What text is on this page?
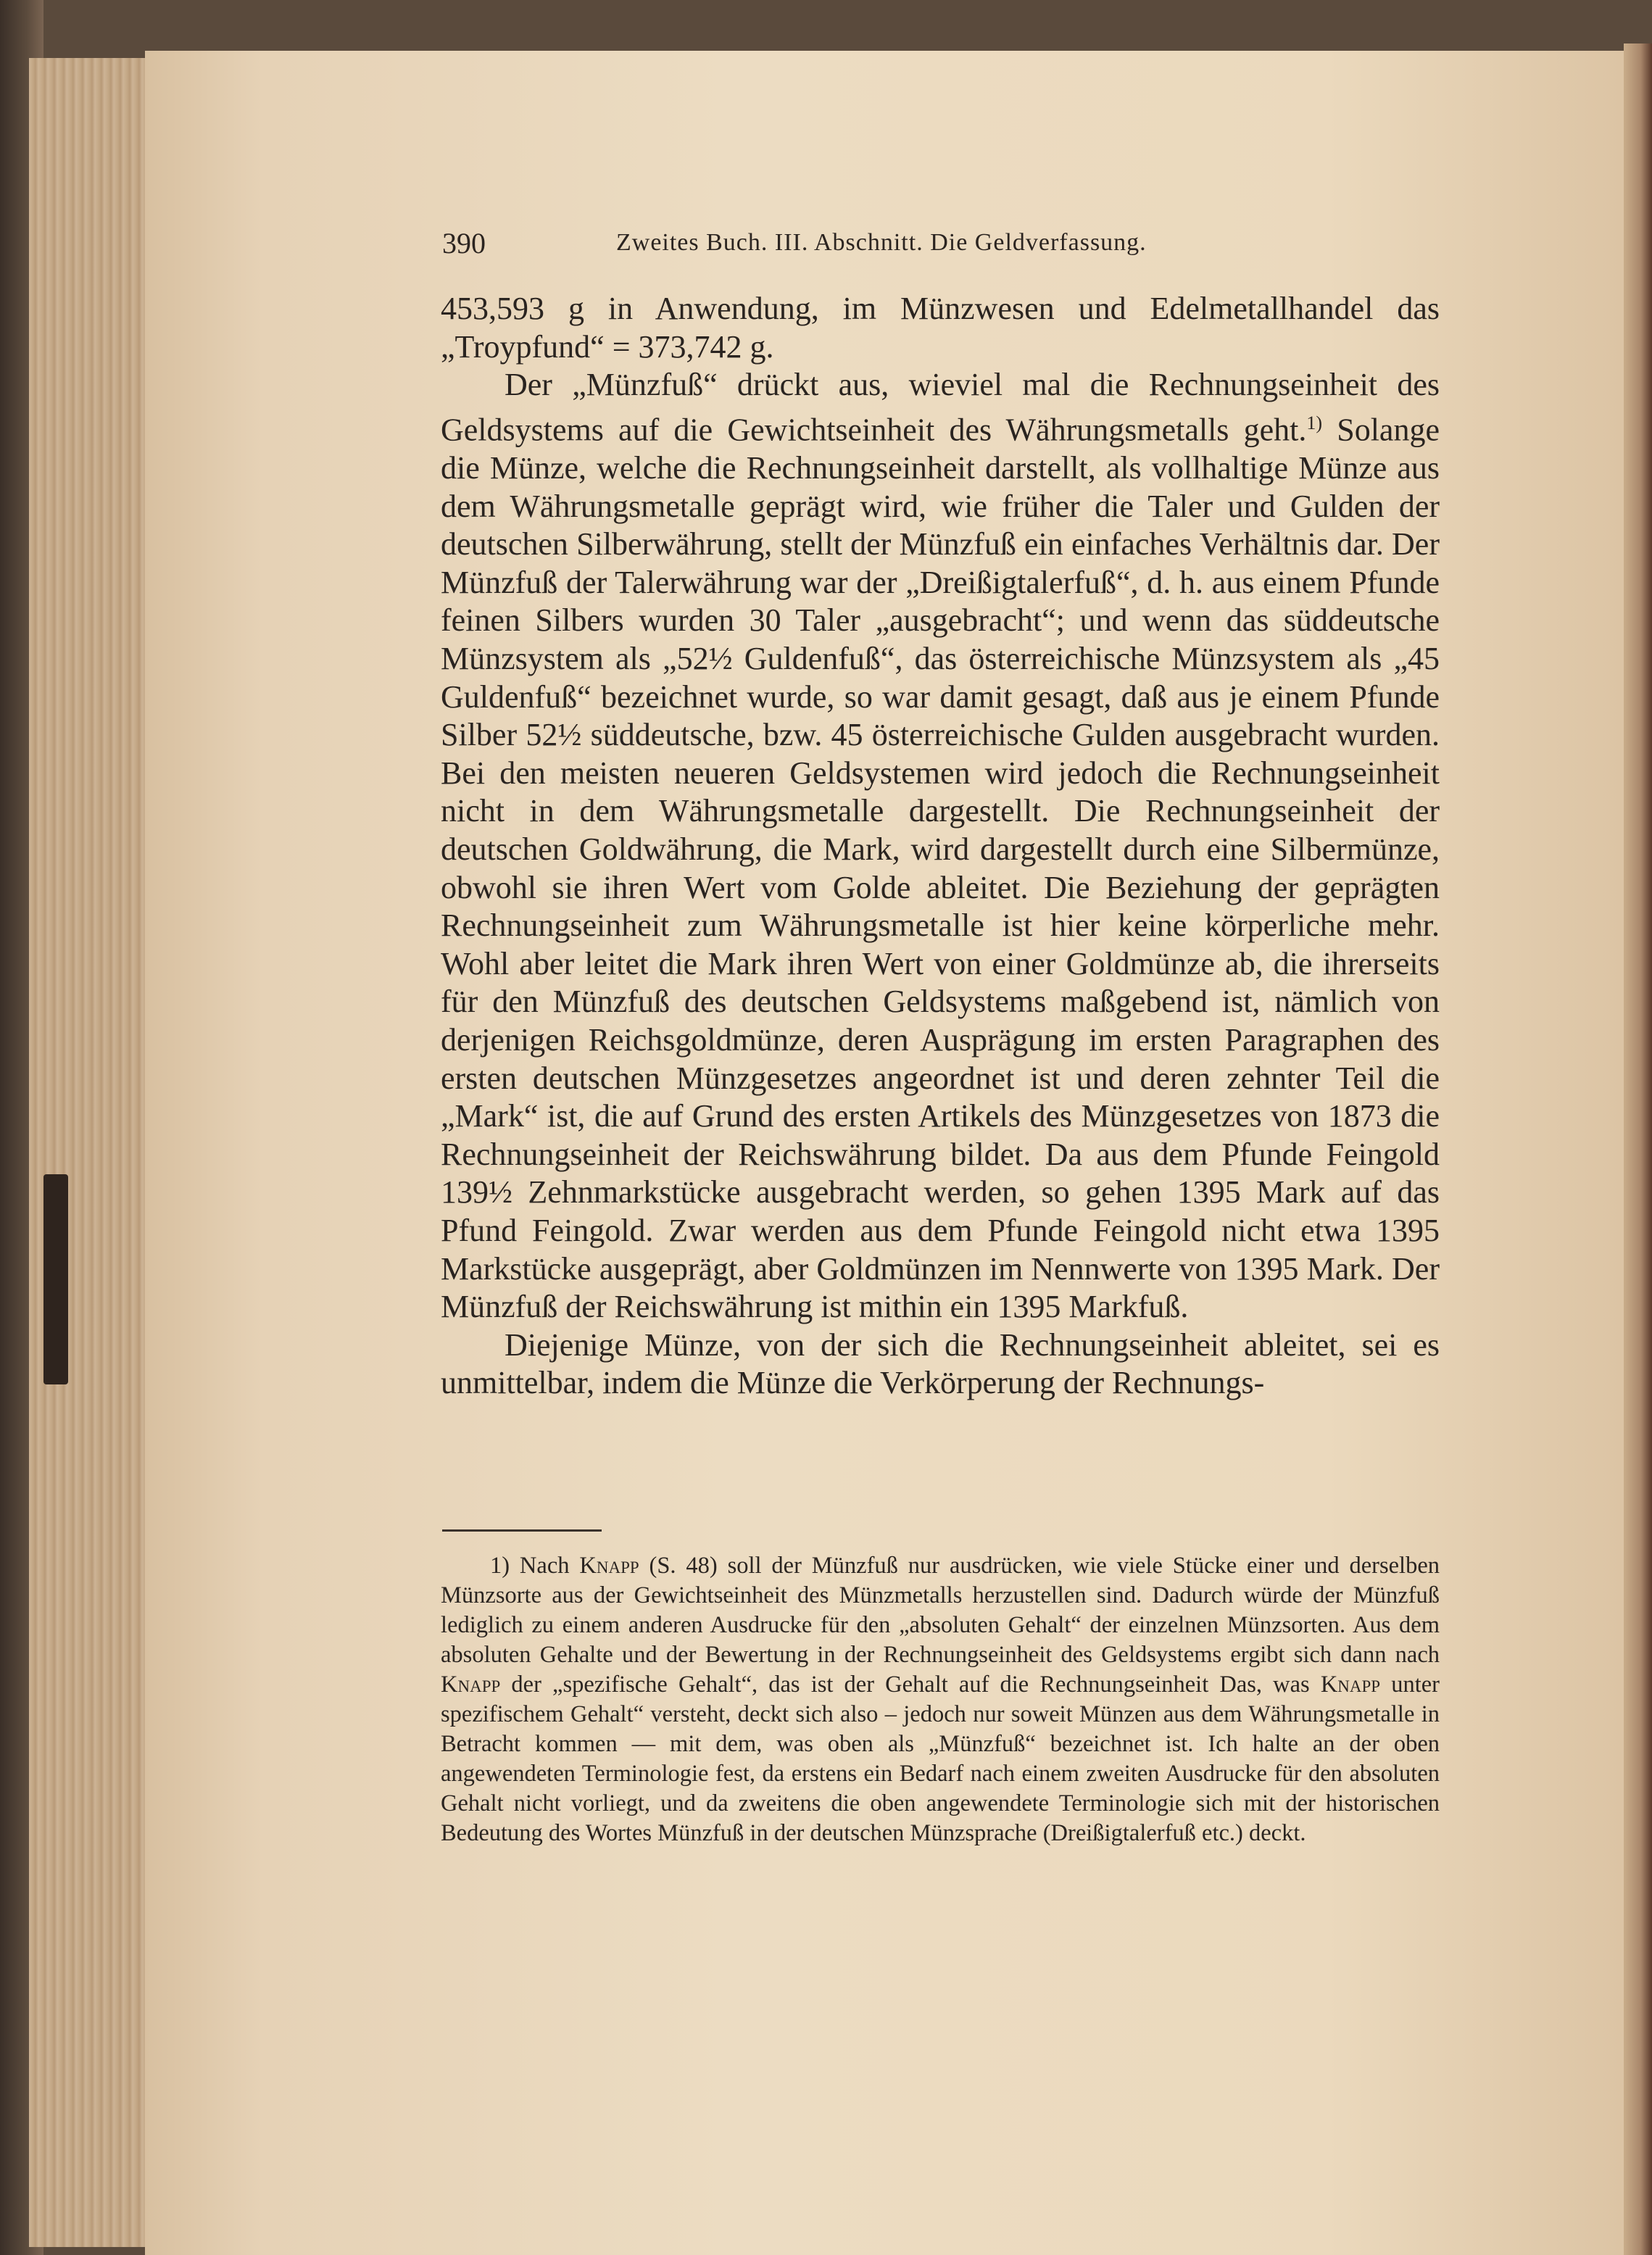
390	Zweites Buch. III. Abschnitt. Die Geldverfassung.

453,593 g in Anwendung, im Münzwesen und Edelmetallhandel das „Troypfund“ = 373,742 g.

Der „Münzfuß“ drückt aus, wieviel mal die Rechnungseinheit des Geldsystems auf die Gewichtseinheit des Währungsmetalls geht.$^{1)}$ Solange die Münze, welche die Rechnungseinheit darstellt, als vollhaltige Münze aus dem Währungsmetalle geprägt wird, wie früher die Taler und Gulden der deutschen Silberwährung, stellt der Münzfuß ein einfaches Verhältnis dar. Der Münzfuß der Talerwährung war der „Dreißigtalerfuß“, d. h. aus einem Pfunde feinen Silbers wurden 30 Taler „ausgebracht“; und wenn das süddeutsche Münzsystem als „52½ Guldenfuß“, das österreichische Münzsystem als „45 Guldenfuß“ bezeichnet wurde, so war damit gesagt, daß aus je einem Pfunde Silber 52½ süddeutsche, bzw. 45 österreichische Gulden ausgebracht wurden. Bei den meisten neueren Geldsystemen wird jedoch die Rechnungseinheit nicht in dem Währungsmetalle dargestellt. Die Rechnungseinheit der deutschen Goldwährung, die Mark, wird dargestellt durch eine Silbermünze, obwohl sie ihren Wert vom Golde ableitet. Die Beziehung der geprägten Rechnungseinheit zum Währungsmetalle ist hier keine körperliche mehr. Wohl aber leitet die Mark ihren Wert von einer Goldmünze ab, die ihrerseits für den Münzfuß des deutschen Geldsystems maßgebend ist, nämlich von derjenigen Reichsgoldmünze, deren Ausprägung im ersten Paragraphen des ersten deutschen Münzgesetzes angeordnet ist und deren zehnter Teil die „Mark“ ist, die auf Grund des ersten Artikels des Münzgesetzes von 1873 die Rechnungseinheit der Reichswährung bildet. Da aus dem Pfunde Feingold 139½ Zehnmarkstücke ausgebracht werden, so gehen 1395 Mark auf das Pfund Feingold. Zwar werden aus dem Pfunde Feingold nicht etwa 1395 Markstücke ausgeprägt, aber Goldmünzen im Nennwerte von 1395 Mark. Der Münzfuß der Reichswährung ist mithin ein 1395 Markfuß.

Diejenige Münze, von der sich die Rechnungseinheit ableitet, sei es unmittelbar, indem die Münze die Verkörperung der Rechnungs-

1) Nach Knapp (S. 48) soll der Münzfuß nur ausdrücken, wie viele Stücke einer und derselben Münzsorte aus der Gewichtseinheit des Münzmetalls herzustellen sind. Dadurch würde der Münzfuß lediglich zu einem anderen Ausdrucke für den „absoluten Gehalt“ der einzelnen Münzsorten. Aus dem absoluten Gehalte und der Bewertung in der Rechnungseinheit des Geldsystems ergibt sich dann nach Knapp der „spezifische Gehalt“, das ist der Gehalt auf die Rechnungseinheit Das, was Knapp unter spezifischem Gehalt“ versteht, deckt sich also – jedoch nur soweit Münzen aus dem Währungsmetalle in Betracht kommen — mit dem, was oben als „Münzfuß“ bezeichnet ist. Ich halte an der oben angewendeten Terminologie fest, da erstens ein Bedarf nach einem zweiten Ausdrucke für den absoluten Gehalt nicht vorliegt, und da zweitens die oben angewendete Terminologie sich mit der historischen Bedeutung des Wortes Münzfuß in der deutschen Münzsprache (Dreißigtalerfuß etc.) deckt.
